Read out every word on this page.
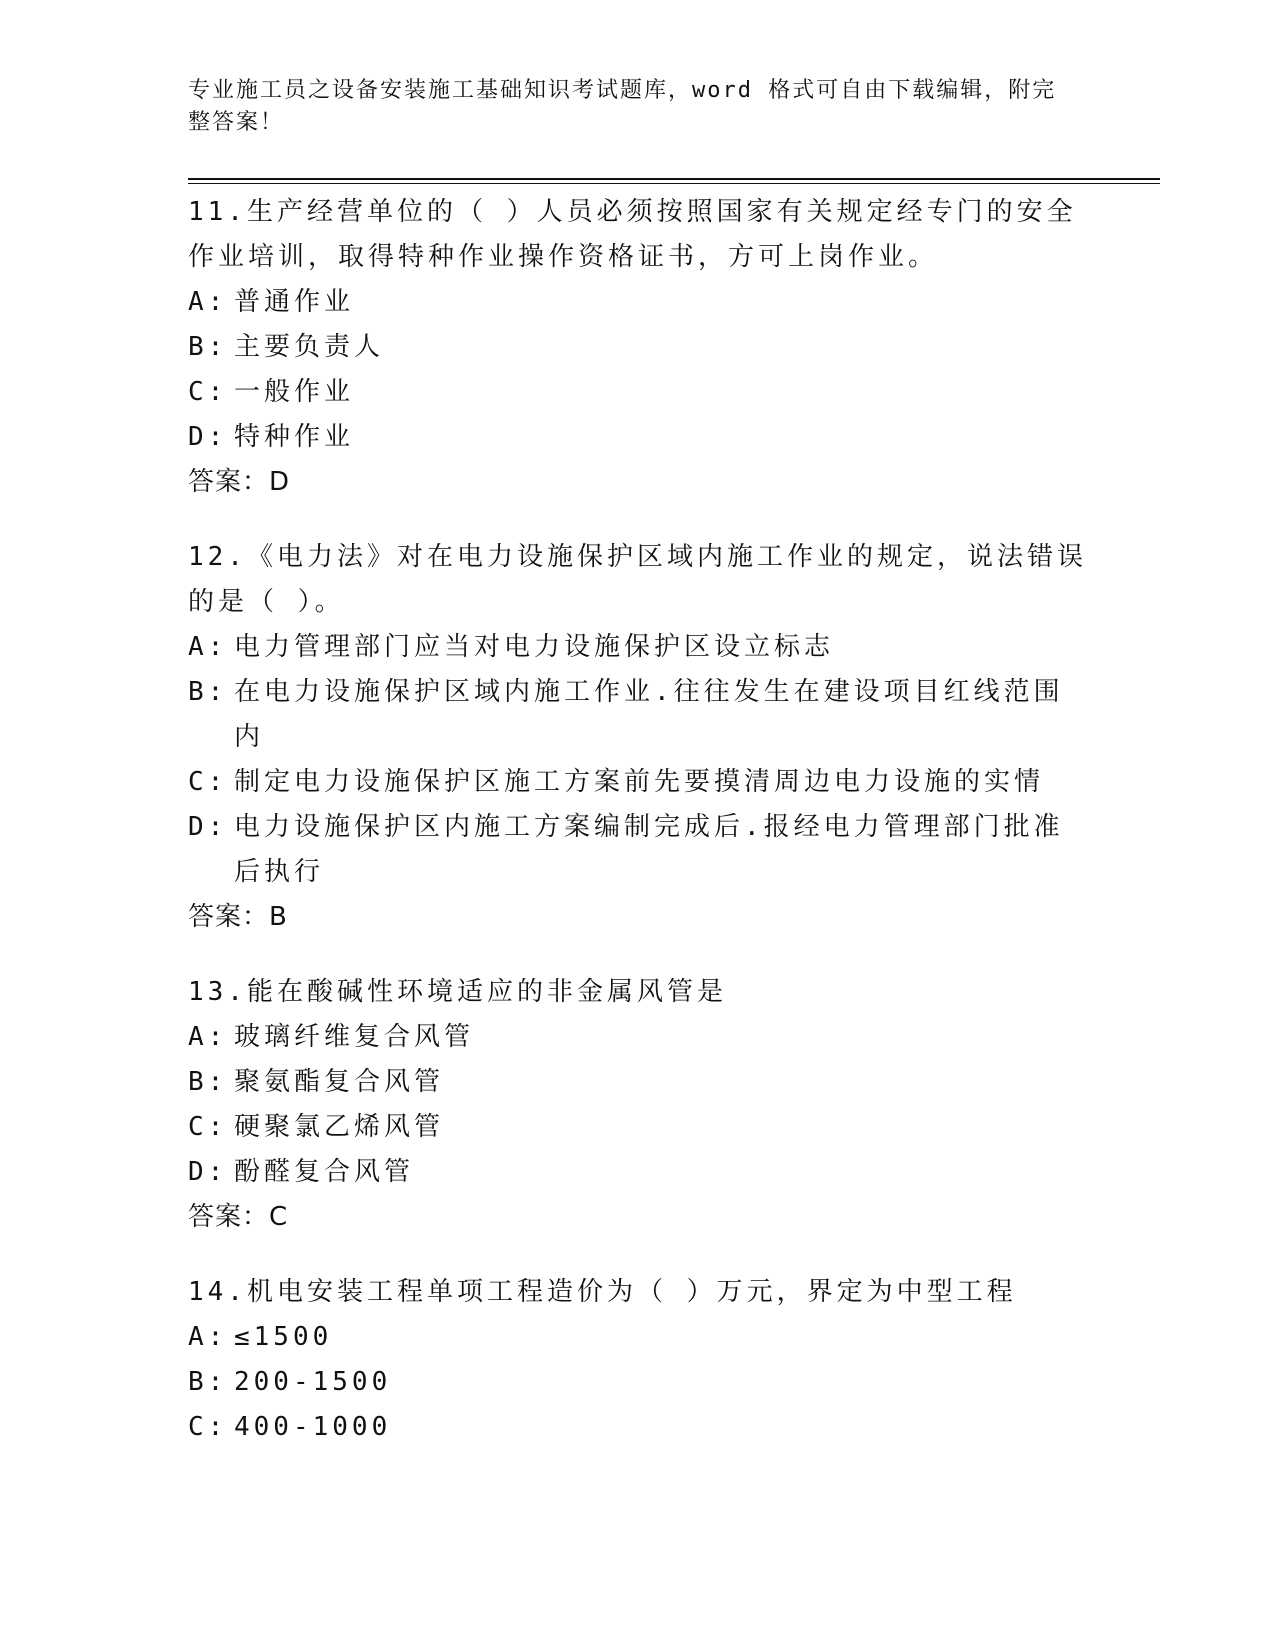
专业施工员之设备安装施工基础知识考试题库，word 格式可自由下载编辑，附完整答案！
11.生产经营单位的（ ）人员必须按照国家有关规定经专门的安全作业培训，取得特种作业操作资格证书，方可上岗作业。
A: 普通作业
B: 主要负责人
C: 一般作业
D: 特种作业
答案：D
12.《电力法》对在电力设施保护区域内施工作业的规定，说法错误的是（ ）。
A: 电力管理部门应当对电力设施保护区设立标志
B: 在电力设施保护区域内施工作业.往往发生在建设项目红线范围内
C: 制定电力设施保护区施工方案前先要摸清周边电力设施的实情
D: 电力设施保护区内施工方案编制完成后.报经电力管理部门批准后执行
答案：B
13.能在酸碱性环境适应的非金属风管是
A: 玻璃纤维复合风管
B: 聚氨酯复合风管
C: 硬聚氯乙烯风管
D: 酚醛复合风管
答案：C
14.机电安装工程单项工程造价为（ ）万元，界定为中型工程
A: ≤1500
B: 200-1500
C: 400-1000
